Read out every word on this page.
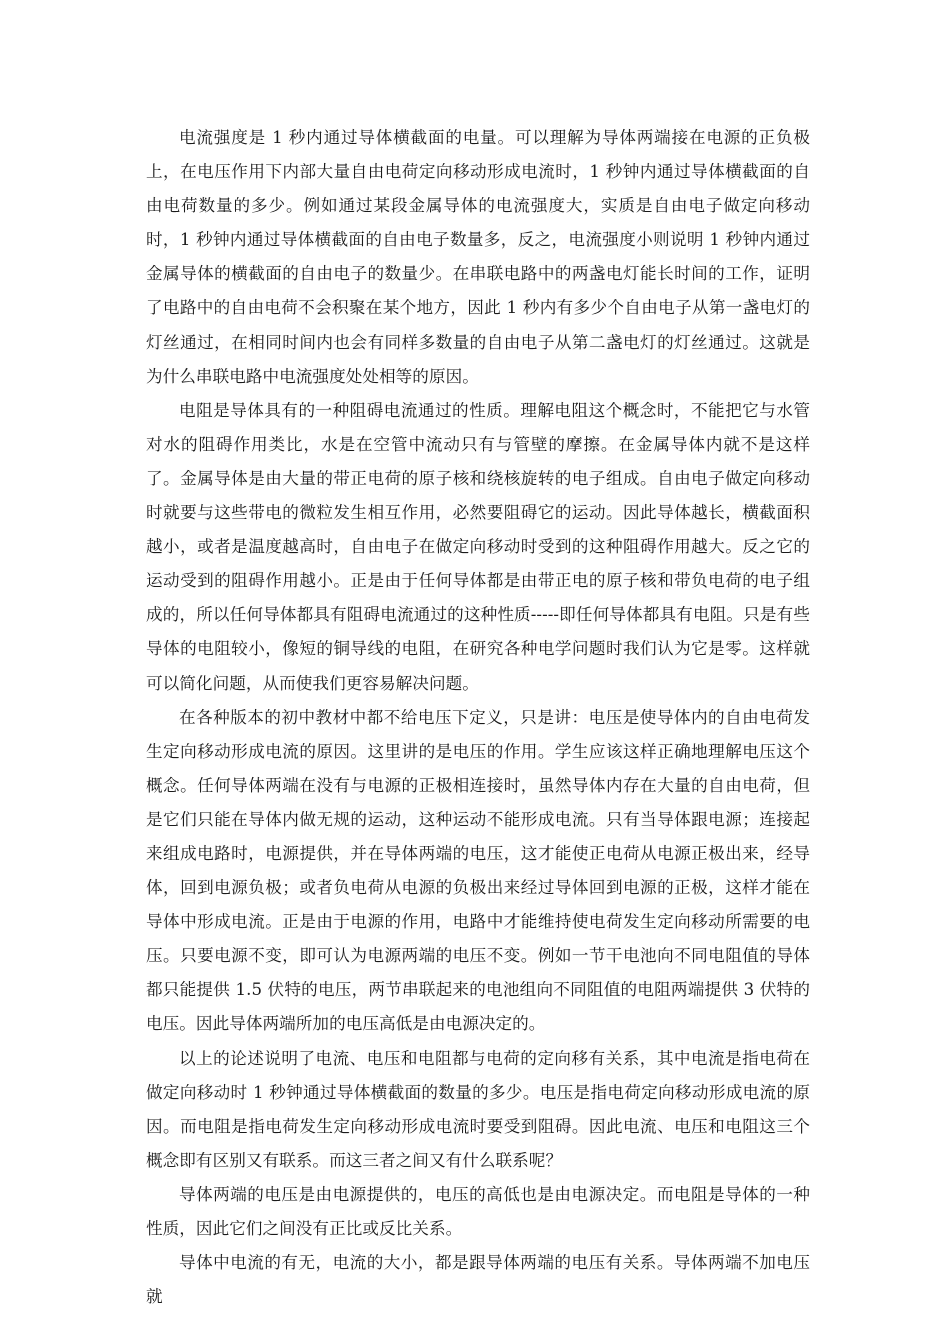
电流强度是 1 秒内通过导体横截面的电量。可以理解为导体两端接在电源的正负极上，在电压作用下内部大量自由电荷定向移动形成电流时，1 秒钟内通过导体横截面的自由电荷数量的多少。例如通过某段金属导体的电流强度大，实质是自由电子做定向移动时，1 秒钟内通过导体横截面的自由电子数量多，反之，电流强度小则说明 1 秒钟内通过金属导体的横截面的自由电子的数量少。在串联电路中的两盏电灯能长时间的工作，证明了电路中的自由电荷不会积聚在某个地方，因此 1 秒内有多少个自由电子从第一盏电灯的灯丝通过，在相同时间内也会有同样多数量的自由电子从第二盏电灯的灯丝通过。这就是为什么串联电路中电流强度处处相等的原因。

电阻是导体具有的一种阻碍电流通过的性质。理解电阻这个概念时，不能把它与水管对水的阻碍作用类比，水是在空管中流动只有与管壁的摩擦。在金属导体内就不是这样了。金属导体是由大量的带正电荷的原子核和绕核旋转的电子组成。自由电子做定向移动时就要与这些带电的微粒发生相互作用，必然要阻碍它的运动。因此导体越长，横截面积越小，或者是温度越高时，自由电子在做定向移动时受到的这种阻碍作用越大。反之它的运动受到的阻碍作用越小。正是由于任何导体都是由带正电的原子核和带负电荷的电子组成的，所以任何导体都具有阻碍电流通过的这种性质-----即任何导体都具有电阻。只是有些导体的电阻较小，像短的铜导线的电阻，在研究各种电学问题时我们认为它是零。这样就可以简化问题，从而使我们更容易解决问题。

在各种版本的初中教材中都不给电压下定义，只是讲：电压是使导体内的自由电荷发生定向移动形成电流的原因。这里讲的是电压的作用。学生应该这样正确地理解电压这个概念。任何导体两端在没有与电源的正极相连接时，虽然导体内存在大量的自由电荷，但是它们只能在导体内做无规的运动，这种运动不能形成电流。只有当导体跟电源；连接起来组成电路时，电源提供，并在导体两端的电压，这才能使正电荷从电源正极出来，经导体，回到电源负极；或者负电荷从电源的负极出来经过导体回到电源的正极，这样才能在导体中形成电流。正是由于电源的作用，电路中才能维持使电荷发生定向移动所需要的电压。只要电源不变，即可认为电源两端的电压不变。例如一节干电池向不同电阻值的导体都只能提供 1.5 伏特的电压，两节串联起来的电池组向不同阻值的电阻两端提供 3 伏特的电压。因此导体两端所加的电压高低是由电源决定的。

以上的论述说明了电流、电压和电阻都与电荷的定向移有关系，其中电流是指电荷在做定向移动时 1 秒钟通过导体横截面的数量的多少。电压是指电荷定向移动形成电流的原因。而电阻是指电荷发生定向移动形成电流时要受到阻碍。因此电流、电压和电阻这三个概念即有区别又有联系。而这三者之间又有什么联系呢？

导体两端的电压是由电源提供的，电压的高低也是由电源决定。而电阻是导体的一种性质，因此它们之间没有正比或反比关系。

导体中电流的有无，电流的大小，都是跟导体两端的电压有关系。导体两端不加电压就
